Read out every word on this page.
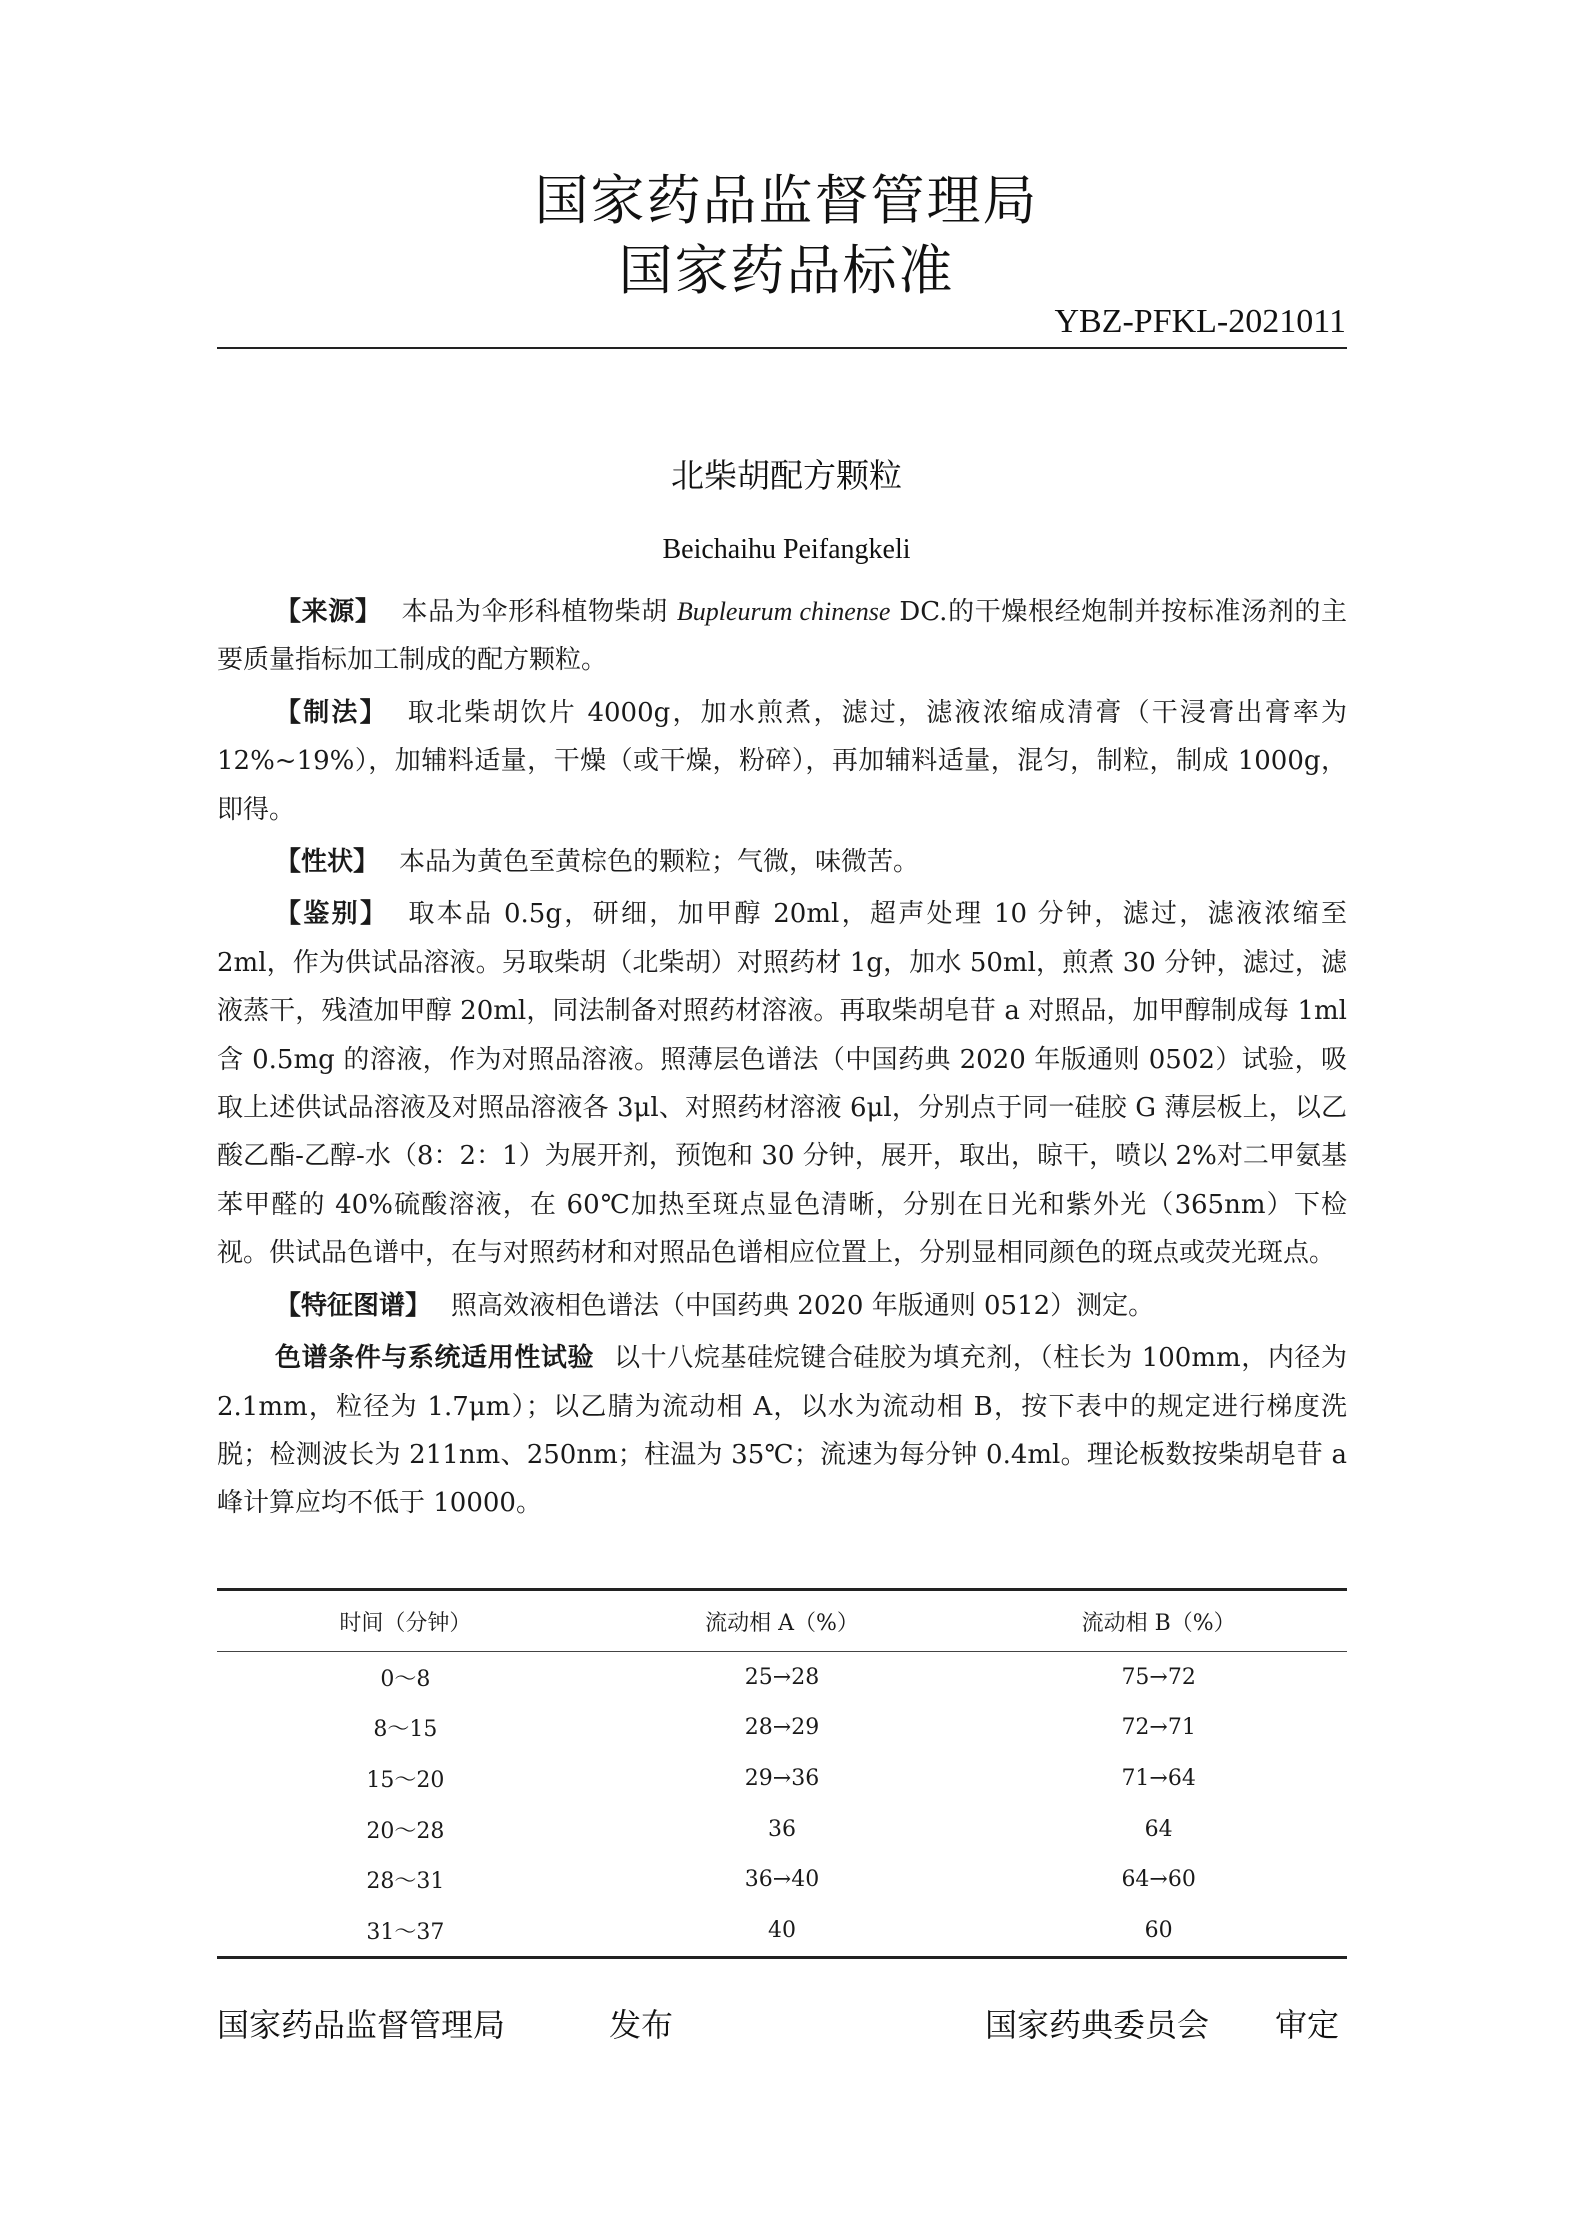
国家药品监督管理局
国家药品标准
YBZ-PFKL-2021011
北柴胡配方颗粒
Beichaihu Peifangkeli

【来源】 本品为伞形科植物柴胡 Bupleurum chinense DC.的干燥根经炮制并按标准汤剂的主要质量指标加工制成的配方颗粒。

【制法】 取北柴胡饮片 4000g，加水煎煮，滤过，滤液浓缩成清膏（干浸膏出膏率为 12%~19%），加辅料适量，干燥（或干燥，粉碎），再加辅料适量，混匀，制粒，制成 1000g，即得。

【性状】 本品为黄色至黄棕色的颗粒；气微，味微苦。

【鉴别】 取本品 0.5g，研细，加甲醇 20ml，超声处理 10 分钟，滤过，滤液浓缩至 2ml，作为供试品溶液。另取柴胡（北柴胡）对照药材 1g，加水 50ml，煎煮 30 分钟，滤过，滤液蒸干，残渣加甲醇 20ml，同法制备对照药材溶液。再取柴胡皂苷 a 对照品，加甲醇制成每 1ml 含 0.5mg 的溶液，作为对照品溶液。照薄层色谱法（中国药典 2020 年版通则 0502）试验，吸取上述供试品溶液及对照品溶液各 3μl、对照药材溶液 6μl，分别点于同一硅胶 G 薄层板上，以乙酸乙酯-乙醇-水（8：2：1）为展开剂，预饱和 30 分钟，展开，取出，晾干，喷以 2%对二甲氨基苯甲醛的 40%硫酸溶液，在 60℃加热至斑点显色清晰，分别在日光和紫外光（365nm）下检视。供试品色谱中，在与对照药材和对照品色谱相应位置上，分别显相同颜色的斑点或荧光斑点。

【特征图谱】 照高效液相色谱法（中国药典 2020 年版通则 0512）测定。

色谱条件与系统适用性试验 以十八烷基硅烷键合硅胶为填充剂，（柱长为 100mm，内径为 2.1mm，粒径为 1.7μm）；以乙腈为流动相 A，以水为流动相 B，按下表中的规定进行梯度洗脱；检测波长为 211nm、250nm；柱温为 35℃；流速为每分钟 0.4ml。理论板数按柴胡皂苷 a 峰计算应均不低于 10000。

时间（分钟）	流动相 A（%）	流动相 B（%）
0～8	25→28	75→72
8～15	28→29	72→71
15～20	29→36	71→64
20～28	36	64
28～31	36→40	64→60
31～37	40	60
国家药品监督管理局	发布	国家药典委员会 审定
